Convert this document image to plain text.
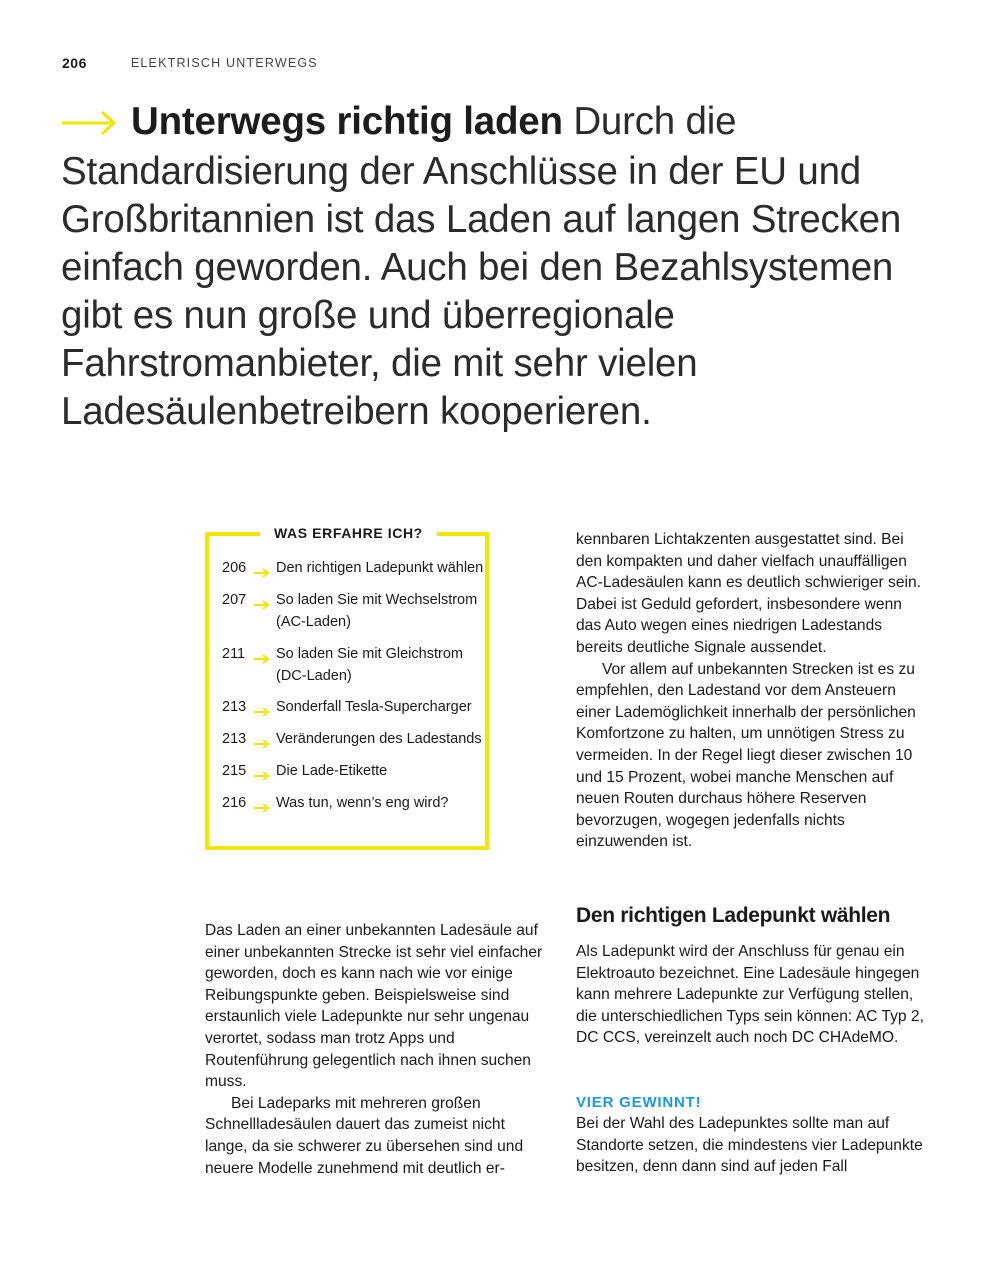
206	ELEKTRISCH UNTERWEGS
Unterwegs richtig laden Durch die Standardisierung der Anschlüsse in der EU und Großbritannien ist das Laden auf langen Strecken einfach geworden. Auch bei den Bezahlsystemen gibt es nun große und überregionale Fahrstromanbieter, die mit sehr vielen Ladesäulenbetreibern kooperieren.
WAS ERFAHRE ICH?
206	Den richtigen Ladepunkt wählen
207	So laden Sie mit Wechselstrom (AC-Laden)
211	So laden Sie mit Gleichstrom (DC-Laden)
213	Sonderfall Tesla-Supercharger
213	Veränderungen des Ladestands
215	Die Lade-Etikette
216	Was tun, wenn’s eng wird?

kennbaren Lichtakzenten ausgestattet sind. Bei den kompakten und daher vielfach unauffälligen AC-Ladesäulen kann es deutlich schwieriger sein. Dabei ist Geduld gefordert, insbesondere wenn das Auto wegen eines niedrigen Ladestands bereits deutliche Signale aussendet.

Vor allem auf unbekannten Strecken ist es zu empfehlen, den Ladestand vor dem Ansteuern einer Lademöglichkeit innerhalb der persönlichen Komfortzone zu halten, um unnötigen Stress zu vermeiden. In der Regel liegt dieser zwischen 10 und 15 Prozent, wobei manche Menschen auf neuen Routen durchaus höhere Reserven bevorzugen, wogegen jedenfalls nichts einzuwenden ist.

Den richtigen Ladepunkt wählen

Als Ladepunkt wird der Anschluss für genau ein Elektroauto bezeichnet. Eine Ladesäule hingegen kann mehrere Ladepunkte zur Verfügung stellen, die unterschiedlichen Typs sein können: AC Typ 2, DC CCS, vereinzelt auch noch DC CHAdeMO.

VIER GEWINNT!

Bei der Wahl des Ladepunktes sollte man auf Standorte setzen, die mindestens vier Ladepunkte besitzen, denn dann sind auf jeden Fall

Das Laden an einer unbekannten Ladesäule auf einer unbekannten Strecke ist sehr viel einfacher geworden, doch es kann nach wie vor einige Reibungspunkte geben. Beispielsweise sind erstaunlich viele Ladepunkte nur sehr ungenau verortet, sodass man trotz Apps und Routenführung gelegentlich nach ihnen suchen muss.

Bei Ladeparks mit mehreren großen Schnellladesäulen dauert das zumeist nicht lange, da sie schwerer zu übersehen sind und neuere Modelle zunehmend mit deutlich er-
